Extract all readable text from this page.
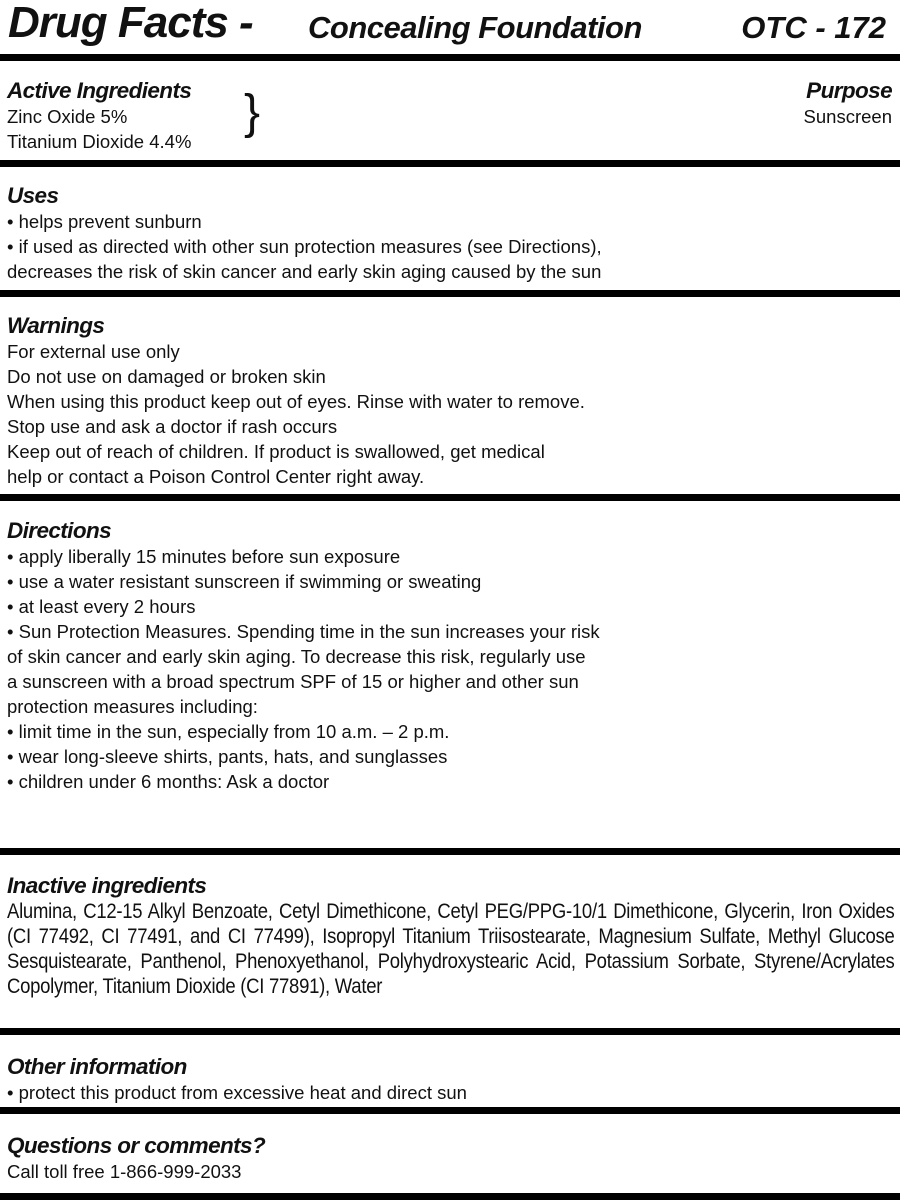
Drug Facts - Concealing Foundation	OTC - 172
Active Ingredients
Zinc Oxide 5%
Titanium Dioxide 4.4%
}	Purpose
Sunscreen
Uses
• helps prevent sunburn
• if used as directed with other sun protection measures (see Directions),
decreases the risk of skin cancer and early skin aging caused by the sun
Warnings
For external use only
Do not use on damaged or broken skin
When using this product keep out of eyes. Rinse with water to remove.
Stop use and ask a doctor if rash occurs
Keep out of reach of children. If product is swallowed, get medical
help or contact a Poison Control Center right away.
Directions
• apply liberally 15 minutes before sun exposure
• use a water resistant sunscreen if swimming or sweating
• at least every 2 hours
• Sun Protection Measures. Spending time in the sun increases your risk
of skin cancer and early skin aging. To decrease this risk, regularly use
a sunscreen with a broad spectrum SPF of 15 or higher and other sun
protection measures including:
• limit time in the sun, especially from 10 a.m. – 2 p.m.
• wear long-sleeve shirts, pants, hats, and sunglasses
• children under 6 months: Ask a doctor
Inactive ingredients
Alumina, C12-15 Alkyl Benzoate, Cetyl Dimethicone, Cetyl PEG/PPG-10/1 Dimethicone, Glycerin, Iron Oxides (CI 77492, CI 77491, and CI 77499), Isopropyl Titanium Triisostearate, Magnesium Sulfate, Methyl Glucose Sesquistearate, Panthenol, Phenoxyethanol, Polyhydroxystearic Acid, Potassium Sorbate, Styrene/Acrylates Copolymer, Titanium Dioxide (CI 77891), Water
Other information
• protect this product from excessive heat and direct sun
Questions or comments?
Call toll free 1-866-999-2033
